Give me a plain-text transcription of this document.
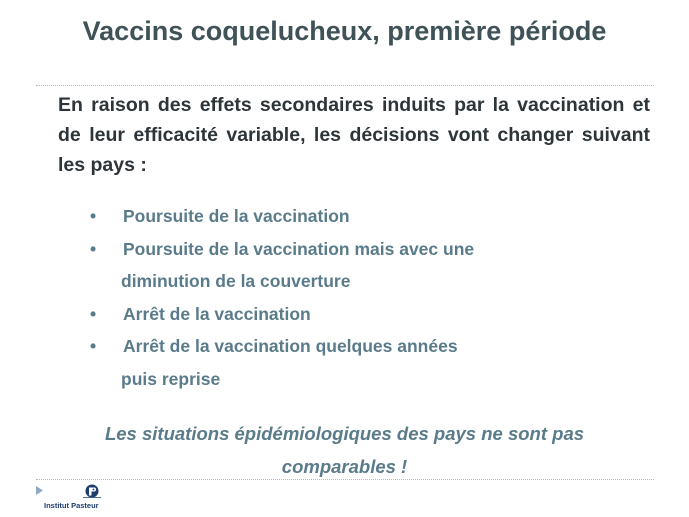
Vaccins coquelucheux, première période
En raison des effets secondaires induits par la vaccination et de leur efficacité variable, les décisions vont changer suivant les pays :
• Poursuite de la vaccination
• Poursuite de la vaccination mais avec une
diminution de la couverture
• Arrêt de la vaccination
• Arrêt de la vaccination quelques années
puis reprise
Les situations épidémiologiques des pays ne sont pas
comparables !
Institut Pasteur
